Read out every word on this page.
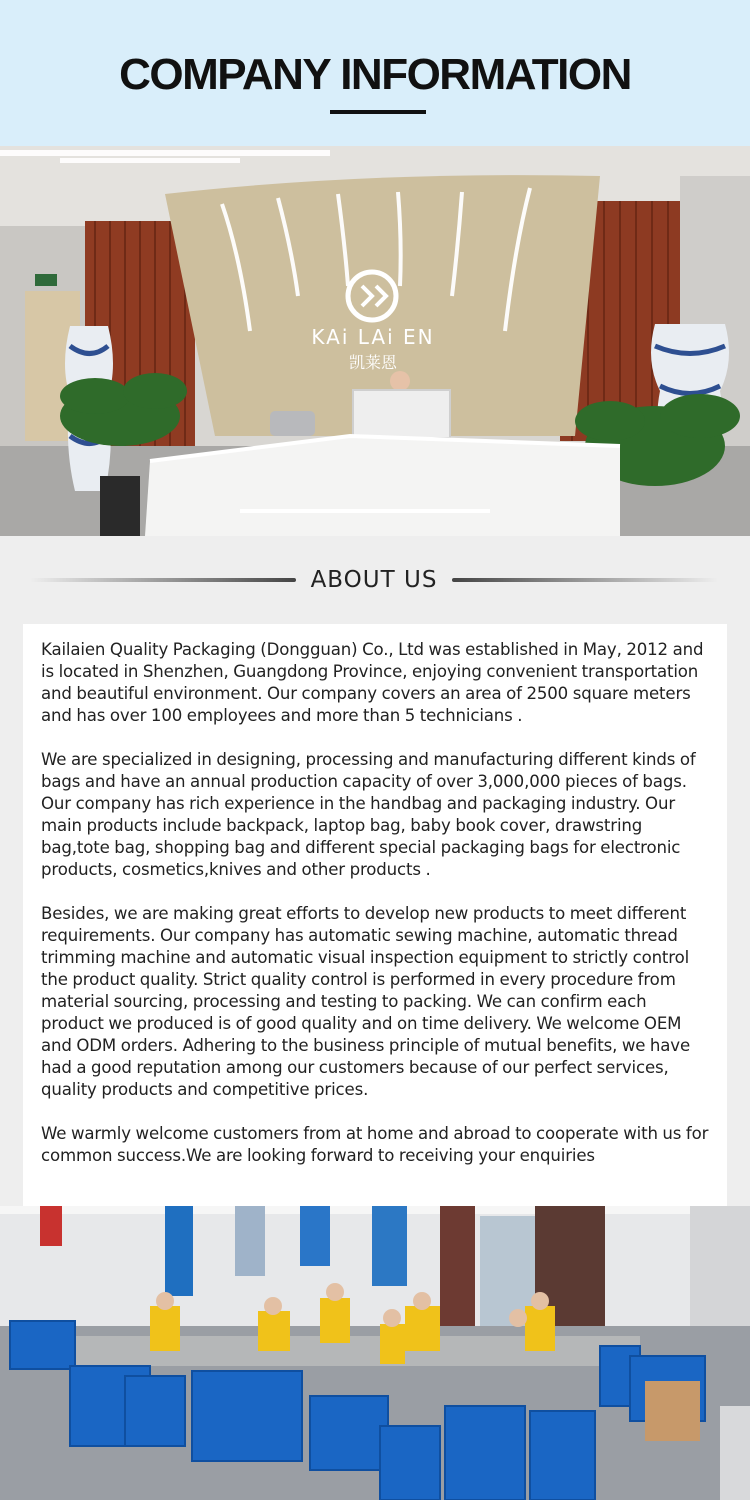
COMPANY INFORMATION
KAi LAi EN
凯莱恩
ABOUT US

Kailaien Quality Packaging (Dongguan) Co., Ltd was established in May, 2012 and is located in Shenzhen, Guangdong Province, enjoying convenient transportation and beautiful environment. Our company covers an area of 2500 square meters and has over 100 employees and more than 5 technicians .

We are specialized in designing, processing and manufacturing different kinds of bags and have an annual production capacity of over 3,000,000 pieces of bags. Our company has rich experience in the handbag and packaging industry. Our main products include backpack, laptop bag, baby book cover, drawstring bag,tote bag, shopping bag and different special packaging bags for electronic products, cosmetics,knives and other products .

Besides, we are making great efforts to develop new products to meet different requirements. Our company has automatic sewing machine, automatic thread trimming machine and automatic visual inspection equipment to strictly control the product quality. Strict quality control is performed in every procedure from material sourcing, processing and testing to packing. We can confirm each product we produced is of good quality and on time delivery. We welcome OEM and ODM orders. Adhering to the business principle of mutual benefits, we have had a good reputation among our customers because of our perfect services, quality products and competitive prices.

We warmly welcome customers from at home and abroad to cooperate with us for common success.We are looking forward to receiving your enquiries
